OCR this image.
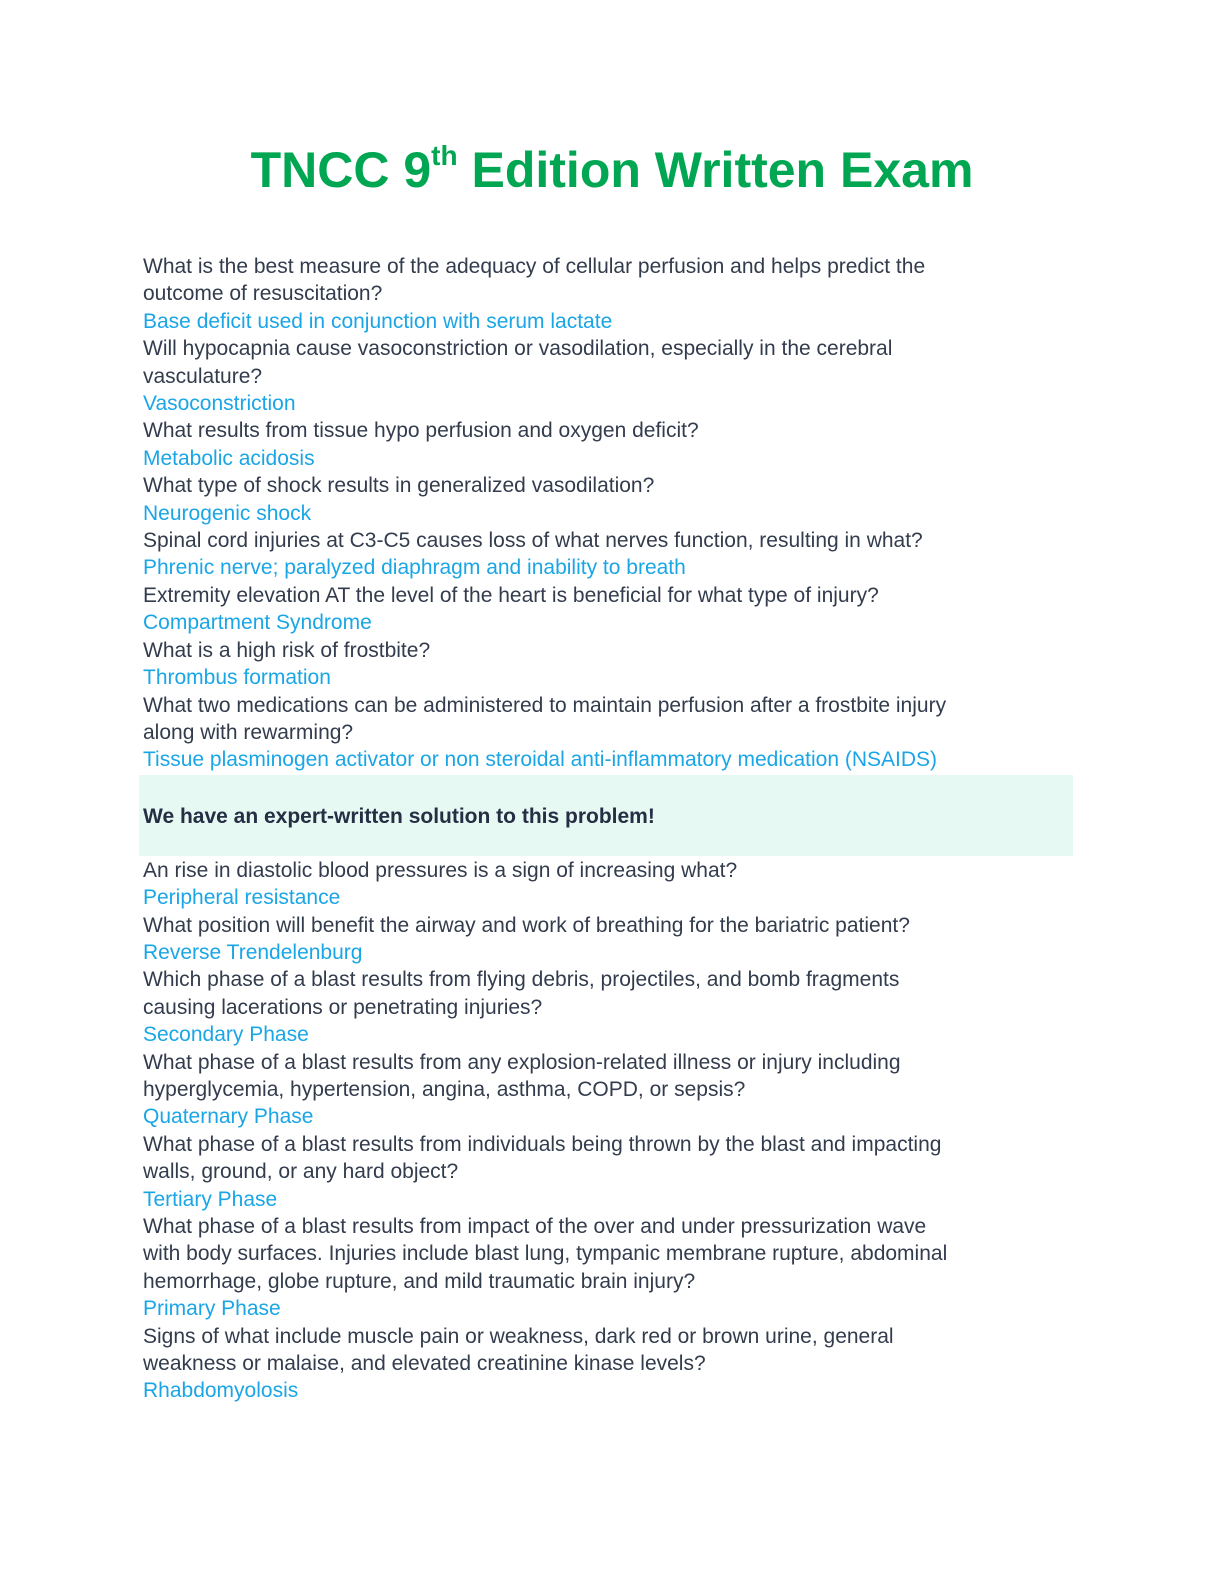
TNCC 9th Edition Written Exam

What is the best measure of the adequacy of cellular perfusion and helps predict the

outcome of resuscitation?

Base deficit used in conjunction with serum lactate

Will hypocapnia cause vasoconstriction or vasodilation, especially in the cerebral

vasculature?

Vasoconstriction

What results from tissue hypo perfusion and oxygen deficit?

Metabolic acidosis

What type of shock results in generalized vasodilation?

Neurogenic shock

Spinal cord injuries at C3-C5 causes loss of what nerves function, resulting in what?

Phrenic nerve; paralyzed diaphragm and inability to breath

Extremity elevation AT the level of the heart is beneficial for what type of injury?

Compartment Syndrome

What is a high risk of frostbite?

Thrombus formation

What two medications can be administered to maintain perfusion after a frostbite injury

along with rewarming?

Tissue plasminogen activator or non steroidal anti-inflammatory medication (NSAIDS)

We have an expert-written solution to this problem!

An rise in diastolic blood pressures is a sign of increasing what?

Peripheral resistance

What position will benefit the airway and work of breathing for the bariatric patient?

Reverse Trendelenburg

Which phase of a blast results from flying debris, projectiles, and bomb fragments

causing lacerations or penetrating injuries?

Secondary Phase

What phase of a blast results from any explosion-related illness or injury including

hyperglycemia, hypertension, angina, asthma, COPD, or sepsis?

Quaternary Phase

What phase of a blast results from individuals being thrown by the blast and impacting

walls, ground, or any hard object?

Tertiary Phase

What phase of a blast results from impact of the over and under pressurization wave

with body surfaces. Injuries include blast lung, tympanic membrane rupture, abdominal

hemorrhage, globe rupture, and mild traumatic brain injury?

Primary Phase

Signs of what include muscle pain or weakness, dark red or brown urine, general

weakness or malaise, and elevated creatinine kinase levels?

Rhabdomyolosis
